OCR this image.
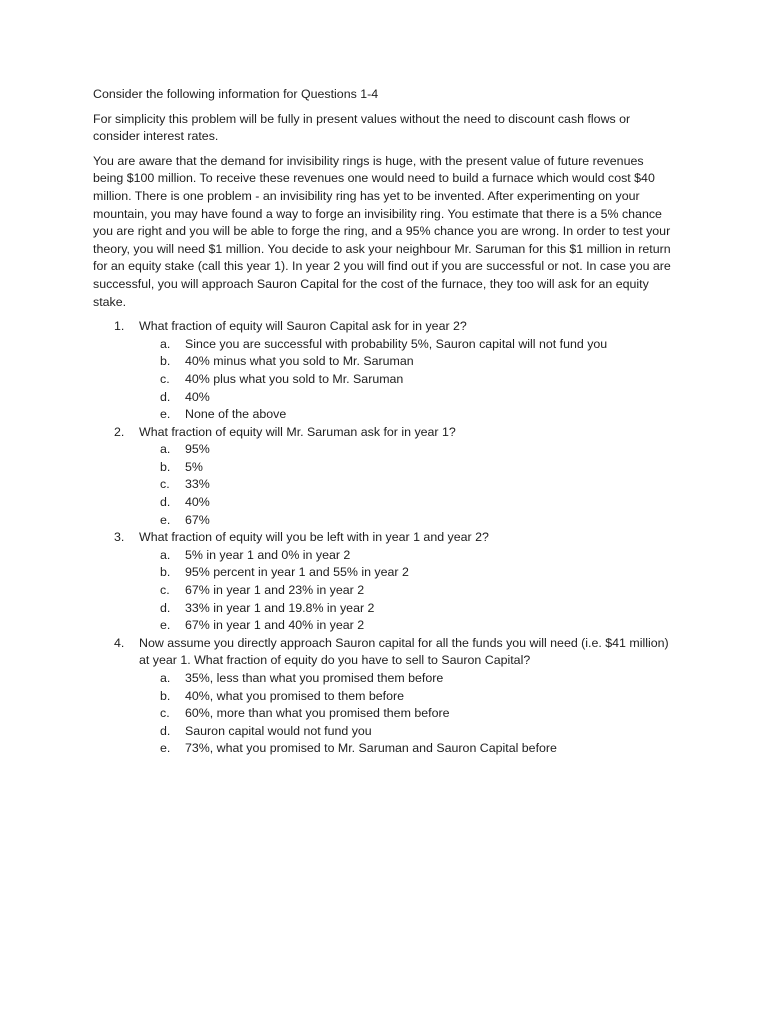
Consider the following information for Questions 1-4

For simplicity this problem will be fully in present values without the need to discount cash flows or consider interest rates.

You are aware that the demand for invisibility rings is huge, with the present value of future revenues being $100 million. To receive these revenues one would need to build a furnace which would cost $40 million. There is one problem - an invisibility ring has yet to be invented. After experimenting on your mountain, you may have found a way to forge an invisibility ring. You estimate that there is a 5% chance you are right and you will be able to forge the ring, and a 95% chance you are wrong. In order to test your theory, you will need $1 million. You decide to ask your neighbour Mr. Saruman for this $1 million in return for an equity stake (call this year 1). In year 2 you will find out if you are successful or not. In case you are successful, you will approach Sauron Capital for the cost of the furnace, they too will ask for an equity stake.

1. What fraction of equity will Sauron Capital ask for in year 2?
a. Since you are successful with probability 5%, Sauron capital will not fund you
b. 40% minus what you sold to Mr. Saruman
c. 40% plus what you sold to Mr. Saruman
d. 40%
e. None of the above
2. What fraction of equity will Mr. Saruman ask for in year 1?
a. 95%
b. 5%
c. 33%
d. 40%
e. 67%
3. What fraction of equity will you be left with in year 1 and year 2?
a. 5% in year 1 and 0% in year 2
b. 95% percent in year 1 and 55% in year 2
c. 67% in year 1 and 23% in year 2
d. 33% in year 1 and 19.8% in year 2
e. 67% in year 1 and 40% in year 2
4. Now assume you directly approach Sauron capital for all the funds you will need (i.e. $41 million) at year 1. What fraction of equity do you have to sell to Sauron Capital?
a. 35%, less than what you promised them before
b. 40%, what you promised to them before
c. 60%, more than what you promised them before
d. Sauron capital would not fund you
e. 73%, what you promised to Mr. Saruman and Sauron Capital before
